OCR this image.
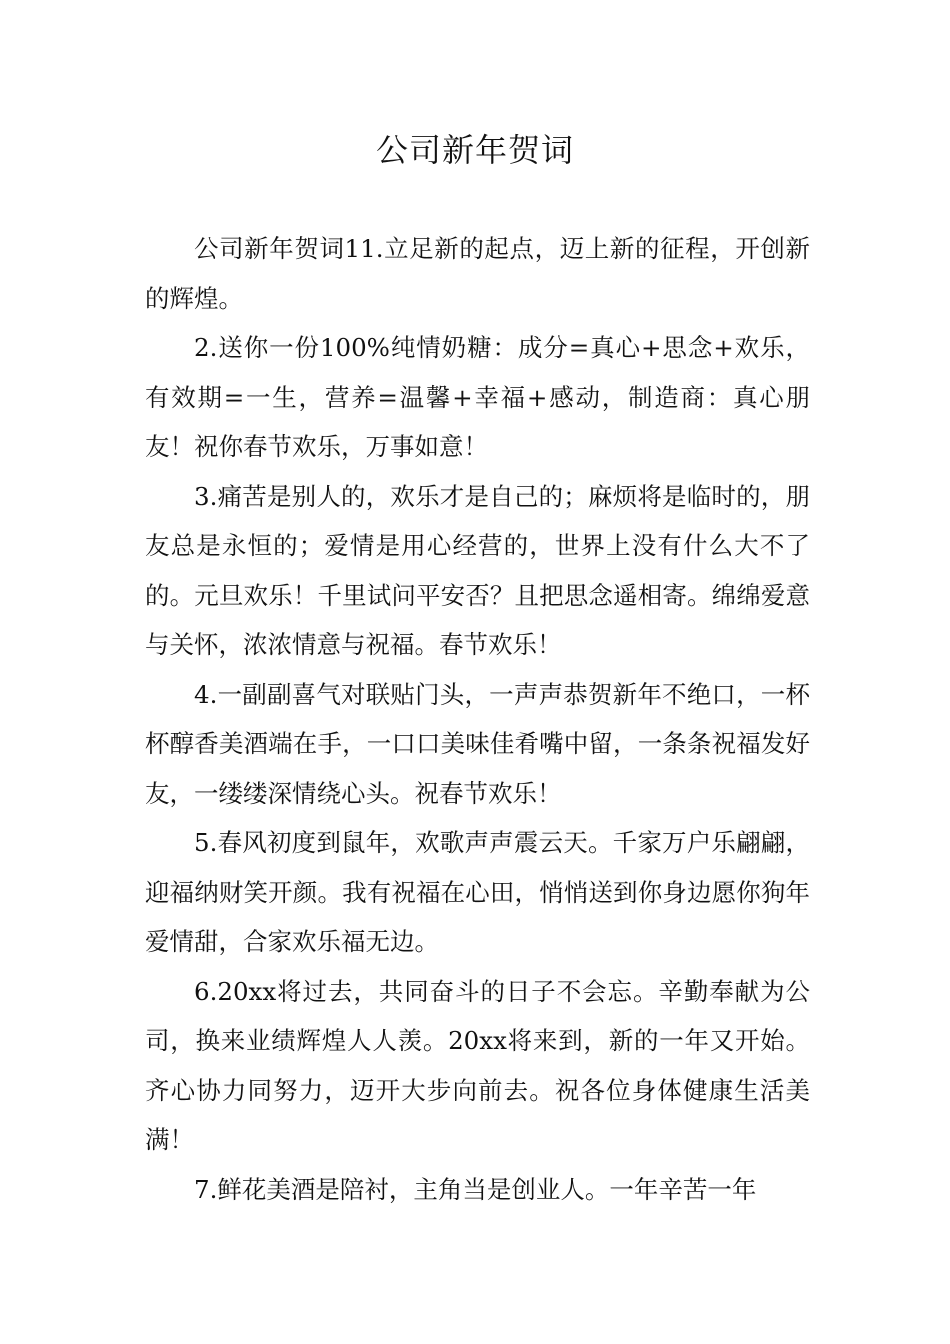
公司新年贺词

公司新年贺词11.立足新的起点，迈上新的征程，开创新的辉煌。

2.送你一份100%纯情奶糖：成分=真心+思念+欢乐，有效期=一生，营养=温馨+幸福+感动，制造商：真心朋友！祝你春节欢乐，万事如意！

3.痛苦是别人的，欢乐才是自己的；麻烦将是临时的，朋友总是永恒的；爱情是用心经营的，世界上没有什么大不了的。元旦欢乐！千里试问平安否？且把思念遥相寄。绵绵爱意与关怀，浓浓情意与祝福。春节欢乐！

4.一副副喜气对联贴门头，一声声恭贺新年不绝口，一杯杯醇香美酒端在手，一口口美味佳肴嘴中留，一条条祝福发好友，一缕缕深情绕心头。祝春节欢乐！

5.春风初度到鼠年，欢歌声声震云天。千家万户乐翩翩，迎福纳财笑开颜。我有祝福在心田，悄悄送到你身边愿你狗年爱情甜，合家欢乐福无边。

6.20xx将过去，共同奋斗的日子不会忘。辛勤奉献为公司，换来业绩辉煌人人羡。20xx将来到，新的一年又开始。齐心协力同努力，迈开大步向前去。祝各位身体健康生活美满！

7.鲜花美酒是陪衬，主角当是创业人。一年辛苦一年
